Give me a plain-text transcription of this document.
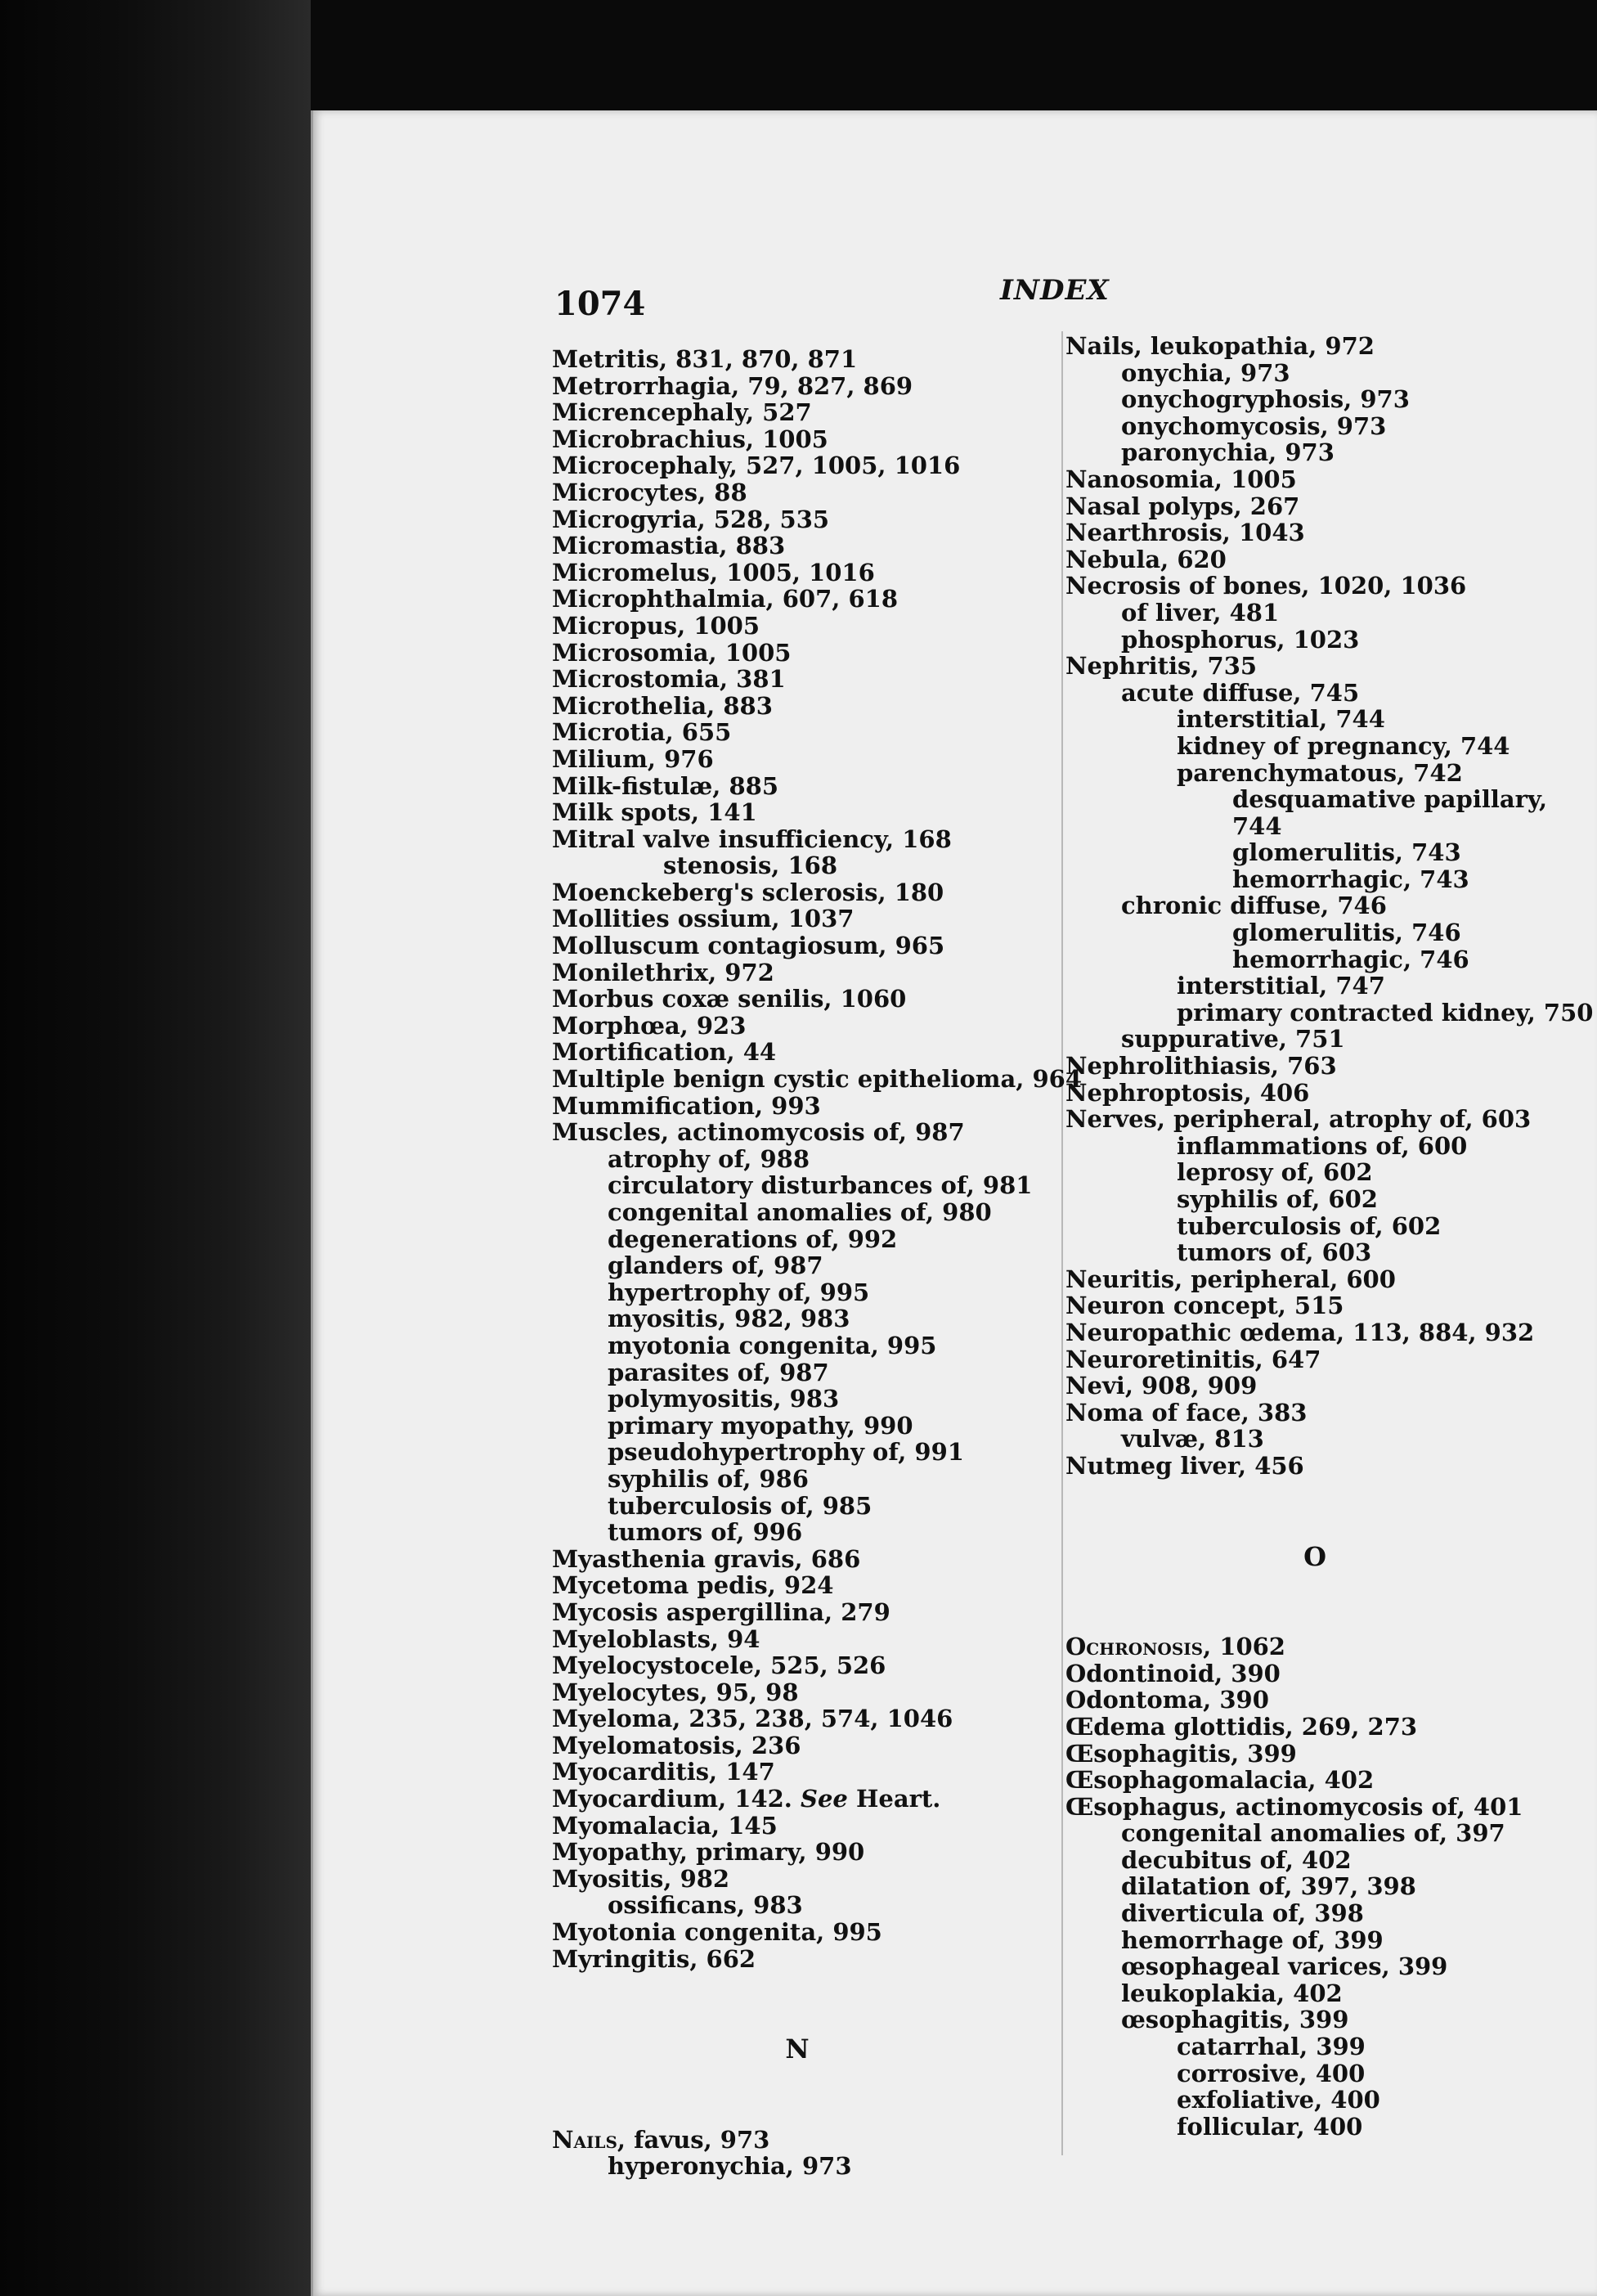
1074	INDEX
Metritis, 831, 870, 871
Metrorrhagia, 79, 827, 869
Micrencephaly, 527
Microbrachius, 1005
Microcephaly, 527, 1005, 1016
Microcytes, 88
Microgyria, 528, 535
Micromastia, 883
Micromelus, 1005, 1016
Microphthalmia, 607, 618
Micropus, 1005
Microsomia, 1005
Microstomia, 381
Microthelia, 883
Microtia, 655
Milium, 976
Milk-fistulæ, 885
Milk spots, 141
Mitral valve insufficiency, 168
stenosis, 168
Moenckeberg's sclerosis, 180
Mollities ossium, 1037
Molluscum contagiosum, 965
Monilethrix, 972
Morbus coxæ senilis, 1060
Morphœa, 923
Mortification, 44
Multiple benign cystic epithelioma, 964
Mummification, 993
Muscles, actinomycosis of, 987
atrophy of, 988
circulatory disturbances of, 981
congenital anomalies of, 980
degenerations of, 992
glanders of, 987
hypertrophy of, 995
myositis, 982, 983
myotonia congenita, 995
parasites of, 987
polymyositis, 983
primary myopathy, 990
pseudohypertrophy of, 991
syphilis of, 986
tuberculosis of, 985
tumors of, 996
Myasthenia gravis, 686
Mycetoma pedis, 924
Mycosis aspergillina, 279
Myeloblasts, 94
Myelocystocele, 525, 526
Myelocytes, 95, 98
Myeloma, 235, 238, 574, 1046
Myelomatosis, 236
Myocarditis, 147
Myocardium, 142. See Heart.
Myomalacia, 145
Myopathy, primary, 990
Myositis, 982
ossificans, 983
Myotonia congenita, 995
Myringitis, 662
N
Nails, favus, 973
hyperonychia, 973
Nails, leukopathia, 972
onychia, 973
onychogryphosis, 973
onychomycosis, 973
paronychia, 973
Nanosomia, 1005
Nasal polyps, 267
Nearthrosis, 1043
Nebula, 620
Necrosis of bones, 1020, 1036
of liver, 481
phosphorus, 1023
Nephritis, 735
acute diffuse, 745
interstitial, 744
kidney of pregnancy, 744
parenchymatous, 742
desquamative papillary,
744
glomerulitis, 743
hemorrhagic, 743
chronic diffuse, 746
glomerulitis, 746
hemorrhagic, 746
interstitial, 747
primary contracted kidney, 750
suppurative, 751
Nephrolithiasis, 763
Nephroptosis, 406
Nerves, peripheral, atrophy of, 603
inflammations of, 600
leprosy of, 602
syphilis of, 602
tuberculosis of, 602
tumors of, 603
Neuritis, peripheral, 600
Neuron concept, 515
Neuropathic œdema, 113, 884, 932
Neuroretinitis, 647
Nevi, 908, 909
Noma of face, 383
vulvæ, 813
Nutmeg liver, 456
O
Ochronosis, 1062
Odontinoid, 390
Odontoma, 390
Œdema glottidis, 269, 273
Œsophagitis, 399
Œsophagomalacia, 402
Œsophagus, actinomycosis of, 401
congenital anomalies of, 397
decubitus of, 402
dilatation of, 397, 398
diverticula of, 398
hemorrhage of, 399
œsophageal varices, 399
leukoplakia, 402
œsophagitis, 399
catarrhal, 399
corrosive, 400
exfoliative, 400
follicular, 400
